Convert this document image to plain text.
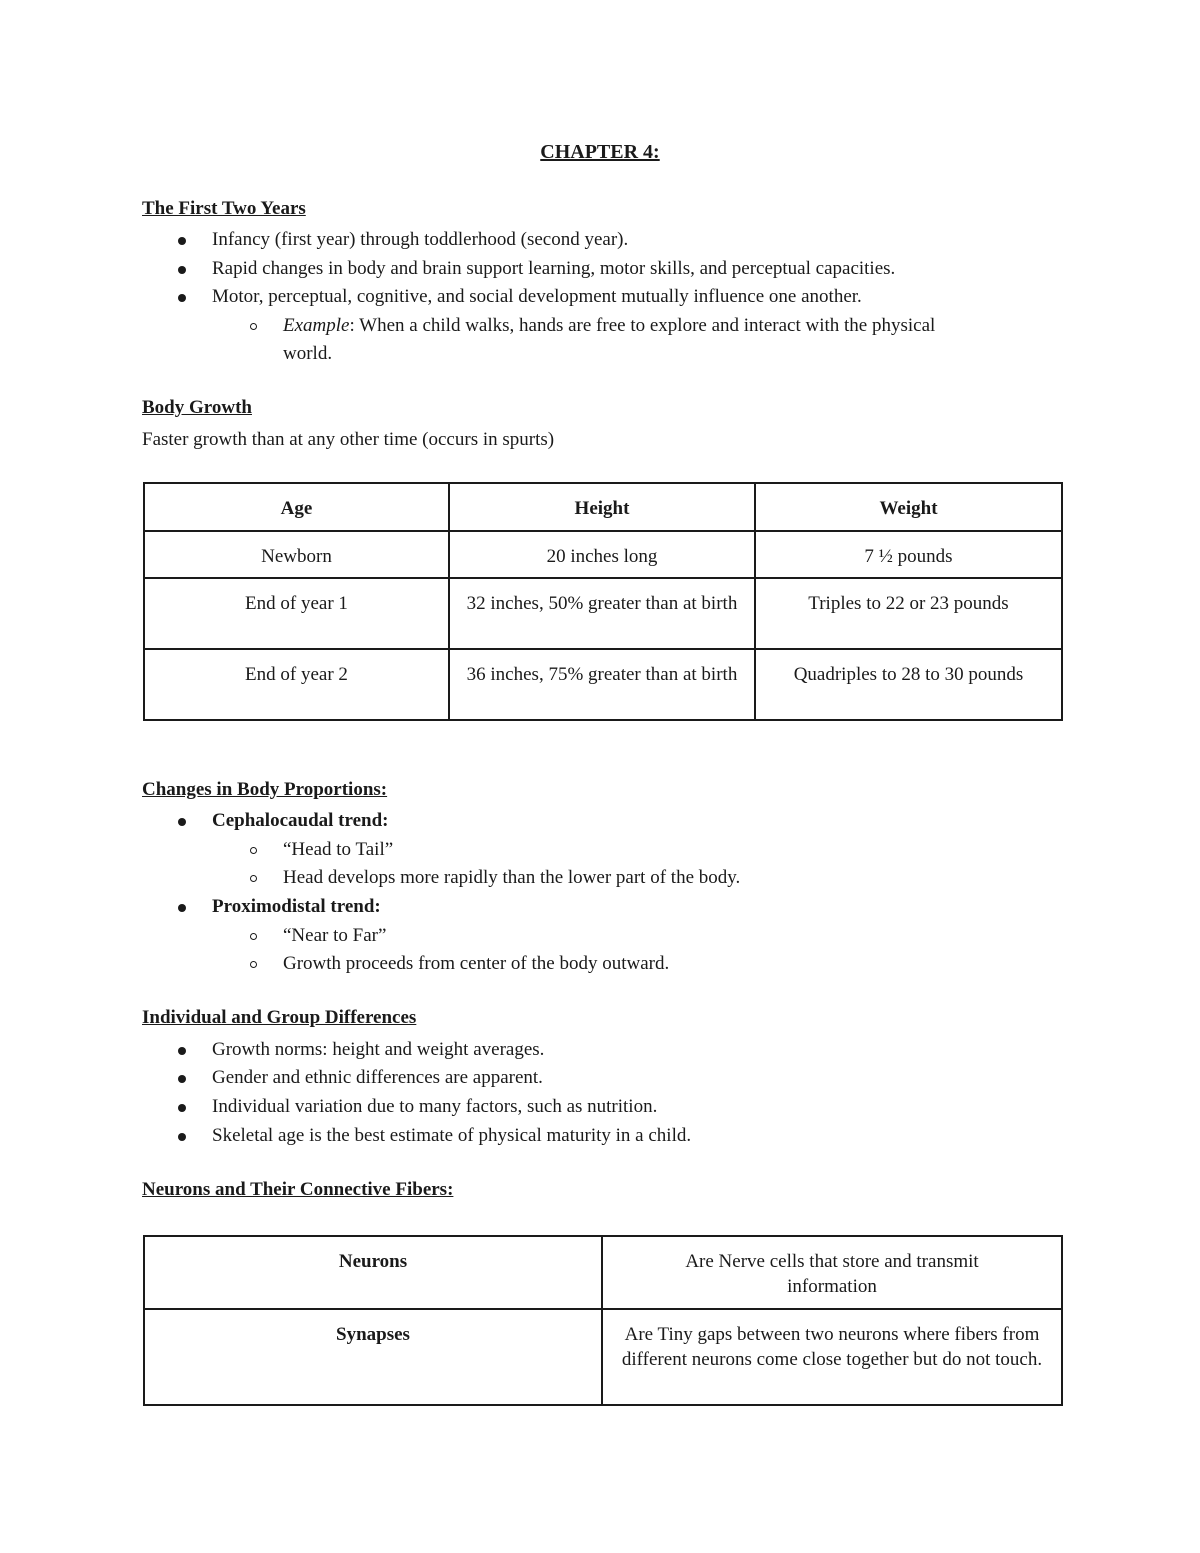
CHAPTER 4:
The First Two Years
Infancy (first year) through toddlerhood (second year).
Rapid changes in body and brain support learning, motor skills, and perceptual capacities.
Motor, perceptual, cognitive, and social development mutually influence one another.
Example: When a child walks, hands are free to explore and interact with the physical
world.
Body Growth
Faster growth than at any other time (occurs in spurts)
Age	Height	Weight
Newborn	20 inches long	7 ½ pounds
End of year 1	32 inches, 50% greater than at birth	Triples to 22 or 23 pounds
End of year 2	36 inches, 75% greater than at birth	Quadriples to 28 to 30 pounds
Changes in Body Proportions:
Cephalocaudal trend:
“Head to Tail”
Head develops more rapidly than the lower part of the body.
Proximodistal trend:
“Near to Far”
Growth proceeds from center of the body outward.
Individual and Group Differences
Growth norms: height and weight averages.
Gender and ethnic differences are apparent.
Individual variation due to many factors, such as nutrition.
Skeletal age is the best estimate of physical maturity in a child.
Neurons and Their Connective Fibers:
Neurons	Are Nerve cells that store and transmit information
Synapses	Are Tiny gaps between two neurons where fibers from different neurons come close together but do not touch.
